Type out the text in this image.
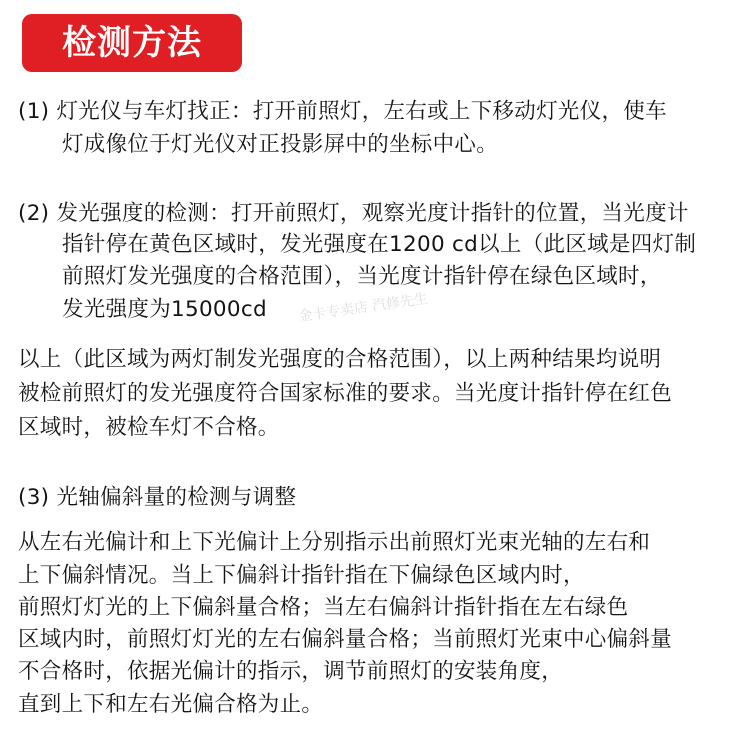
检测方法
(1) 灯光仪与车灯找正：打开前照灯，左右或上下移动灯光仪，使车
灯成像位于灯光仪对正投影屏中的坐标中心。
(2) 发光强度的检测：打开前照灯，观察光度计指针的位置，当光度计
指针停在黄色区域时，发光强度在1200 cd以上（此区域是四灯制
前照灯发光强度的合格范围），当光度计指针停在绿色区域时，
发光强度为15000cd
以上（此区域为两灯制发光强度的合格范围），以上两种结果均说明
被检前照灯的发光强度符合国家标准的要求。当光度计指针停在红色
区域时，被检车灯不合格。
(3) 光轴偏斜量的检测与调整
从左右光偏计和上下光偏计上分别指示出前照灯光束光轴的左右和
上下偏斜情况。当上下偏斜计指针指在下偏绿色区域内时，
前照灯灯光的上下偏斜量合格；当左右偏斜计指针指在左右绿色
区域内时，前照灯灯光的左右偏斜量合格；当前照灯光束中心偏斜量
不合格时，依据光偏计的指示，调节前照灯的安装角度，
直到上下和左右光偏合格为止。
金卡专卖店 汽修先生
